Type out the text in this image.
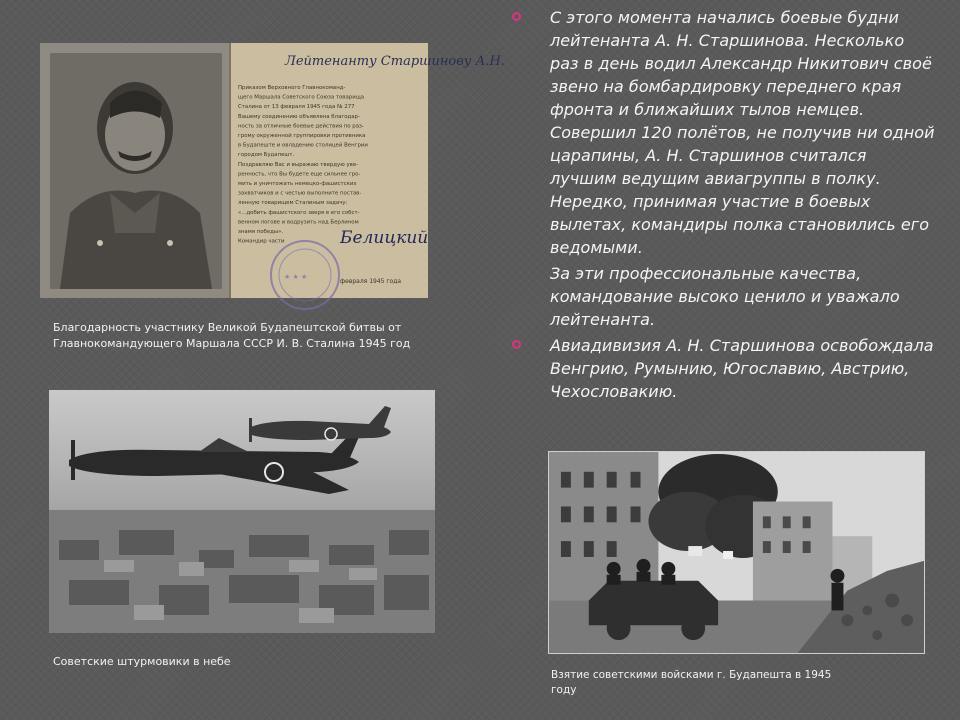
Приказом Верховного Главнокоманд-
щего Маршала Советского Союза товарища
Сталина от 13 февраля 1945 года № 277
Вашему соединению объявлена благодар-
ность за отличные боевые действия по раз-
грому окруженной группировки противника
в Будапеште и овладению столицей Венгрии
городом Будапешт.
Поздравляю Вас и выражаю твердую уве-
ренность, что Вы будете еще сильнее гро-
мить и уничтожать немецко-фашистских
захватчиков и с честью выполните постав-
ленную товарищем Сталиным задачу:
«...добить фашистского зверя в его собст-
венном логове и водрузить над Берлином
знамя победы».
Командир части
Лейтенанту Старшинову А.Н.
★ ★ ★
Белицкий
февраля 1945 года

Благодарность участнику Великой Будапештской битвы от Главнокомандующего Маршала СССР И. В. Сталина 1945 год

Советские штурмовики в небе

Взятие советскими войсками г. Будапешта в 1945 году

С этого момента начались боевые будни лейтенанта А. Н. Старшинова. Несколько раз в день водил Александр Никитович своё звено на бомбардировку переднего края фронта и ближайших тылов немцев. Совершил 120 полётов, не получив ни одной царапины, А. Н. Старшинов считался лучшим ведущим авиагруппы в полку. Нередко, принимая участие в боевых вылетах, командиры полка становились его ведомыми.

За эти профессиональные качества, командование высоко ценило и уважало лейтенанта.

Авиадивизия А. Н. Старшинова освобождала Венгрию, Румынию, Югославию, Австрию, Чехословакию.
